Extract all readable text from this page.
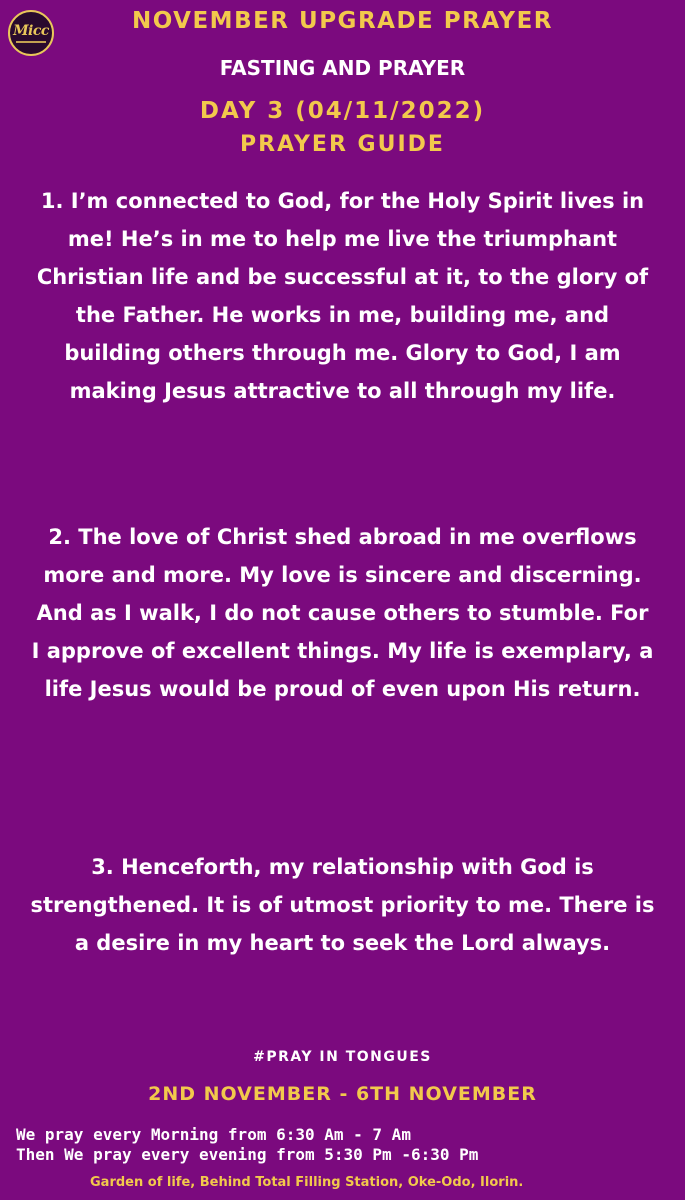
Micc	NOVEMBER UPGRADE PRAYER
FASTING AND PRAYER
DAY 3 (04/11/2022)
PRAYER GUIDE
1. I’m connected to God, for the Holy Spirit lives in me! He’s in me to help me live the triumphant Christian life and be successful at it, to the glory of the Father. He works in me, building me, and building others through me. Glory to God, I am making Jesus attractive to all through my life.
2. The love of Christ shed abroad in me overflows more and more. My love is sincere and discerning. And as I walk, I do not cause others to stumble. For I approve of excellent things. My life is exemplary, a life Jesus would be proud of even upon His return.
3. Henceforth, my relationship with God is strengthened. It is of utmost priority to me. There is a desire in my heart to seek the Lord always.
#PRAY IN TONGUES
2ND NOVEMBER - 6TH NOVEMBER
We pray every Morning from 6:30 Am - 7 Am
Then We pray every evening from 5:30 Pm -6:30 Pm
Garden of life, Behind Total Filling Station, Oke-Odo, Ilorin.
